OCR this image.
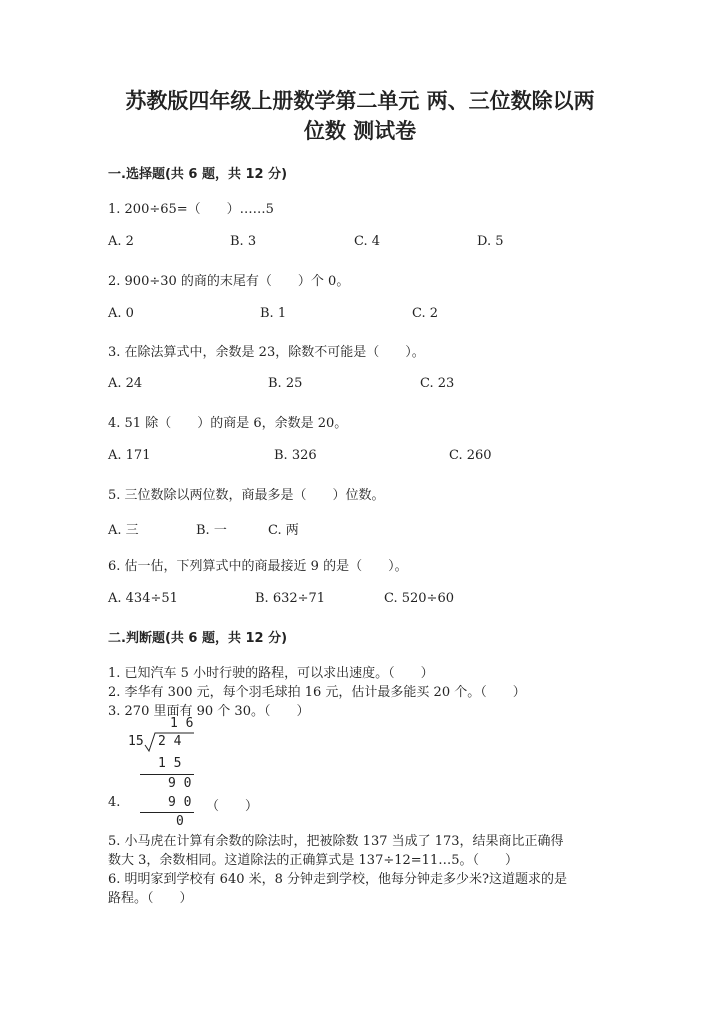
苏教版四年级上册数学第二单元 两、三位数除以两
位数 测试卷
一.选择题(共 6 题，共 12 分)
1. 200÷65=（　　）……5
A. 2	B. 3	C. 4	D. 5
2. 900÷30 的商的末尾有（　　）个 0。
A. 0	B. 1	C. 2
3. 在除法算式中，余数是 23，除数不可能是（　　）。
A. 24	B. 25	C. 23
4. 51 除（　　）的商是 6，余数是 20。
A. 171	B. 326	C. 260
5. 三位数除以两位数，商最多是（　　）位数。
A. 三	B. 一	C. 两
6. 估一估，下列算式中的商最接近 9 的是（　　）。
A. 434÷51	B. 632÷71	C. 520÷60
二.判断题(共 6 题，共 12 分)
1. 已知汽车 5 小时行驶的路程，可以求出速度。（　　）
2. 李华有 300 元，每个羽毛球拍 16 元，估计最多能买 20 个。（　　）
3. 270 里面有 90 个 30。（　　）
1 6
15 2 4
1 5
9 0
9 0
0
4.	（　　）
5. 小马虎在计算有余数的除法时，把被除数 137 当成了 173，结果商比正确得
数大 3，余数相同。这道除法的正确算式是 137÷12=11…5。（　　）
6. 明明家到学校有 640 米，8 分钟走到学校，他每分钟走多少米?这道题求的是
路程。（　　）
